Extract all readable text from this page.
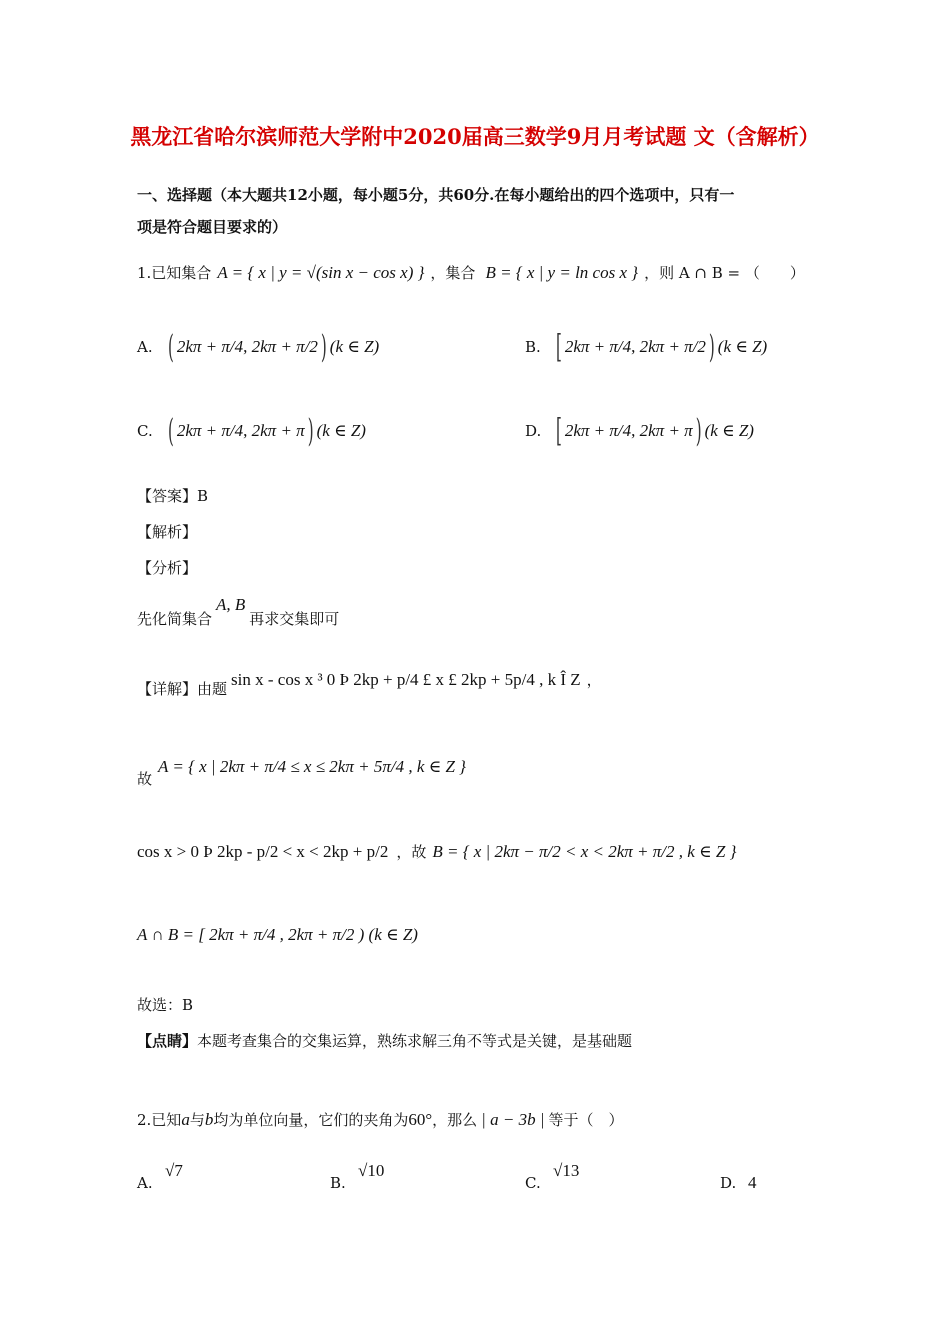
黑龙江省哈尔滨师范大学附中2020届高三数学9月月考试题 文（含解析）
一、选择题（本大题共12小题，每小题5分，共60分.在每小题给出的四个选项中，只有一
项是符合题目要求的）
1.已知集合 A = { x | y = √(sin x − cos x) } ，集合 B = { x | y = ln cos x } ，则 A ∩ B = （　　）
A.	( 2kπ + π/4 , 2kπ + π/2 ) (k ∈ Z)	B.	[ 2kπ + π/4 , 2kπ + π/2 ) (k ∈ Z)
C.	( 2kπ + π/4 , 2kπ + π ) (k ∈ Z)	D. [ 2kπ + π/4 , 2kπ + π ) (k ∈ Z)
【答案】B
【解析】
【分析】
先化简集合
A, B
再求交集即可
【详解】 由题 sin x - cos x ³ 0 Þ 2kp + p/4 £ x £ 2kp + 5p/4 , k Î Z ，
故
A = { x | 2kπ + π/4 ≤ x ≤ 2kπ + 5π/4 , k ∈ Z }
cos x > 0 Þ 2kp - p/2 < x < 2kp + p/2 ，故 B = { x | 2kπ − π/2 < x < 2kπ + π/2 , k ∈ Z }
A ∩ B = [ 2kπ + π/4 , 2kπ + π/2 ) (k ∈ Z)
故选：B
【点睛】本题考查集合的交集运算，熟练求解三角不等式是关键，是基础题
2.已知 a 与 b 均为单位向量，它们的夹角为 60° ，那么 | a − 3b | 等于（　）
A.
√7
B.
√10
C.
√13
D. 4
